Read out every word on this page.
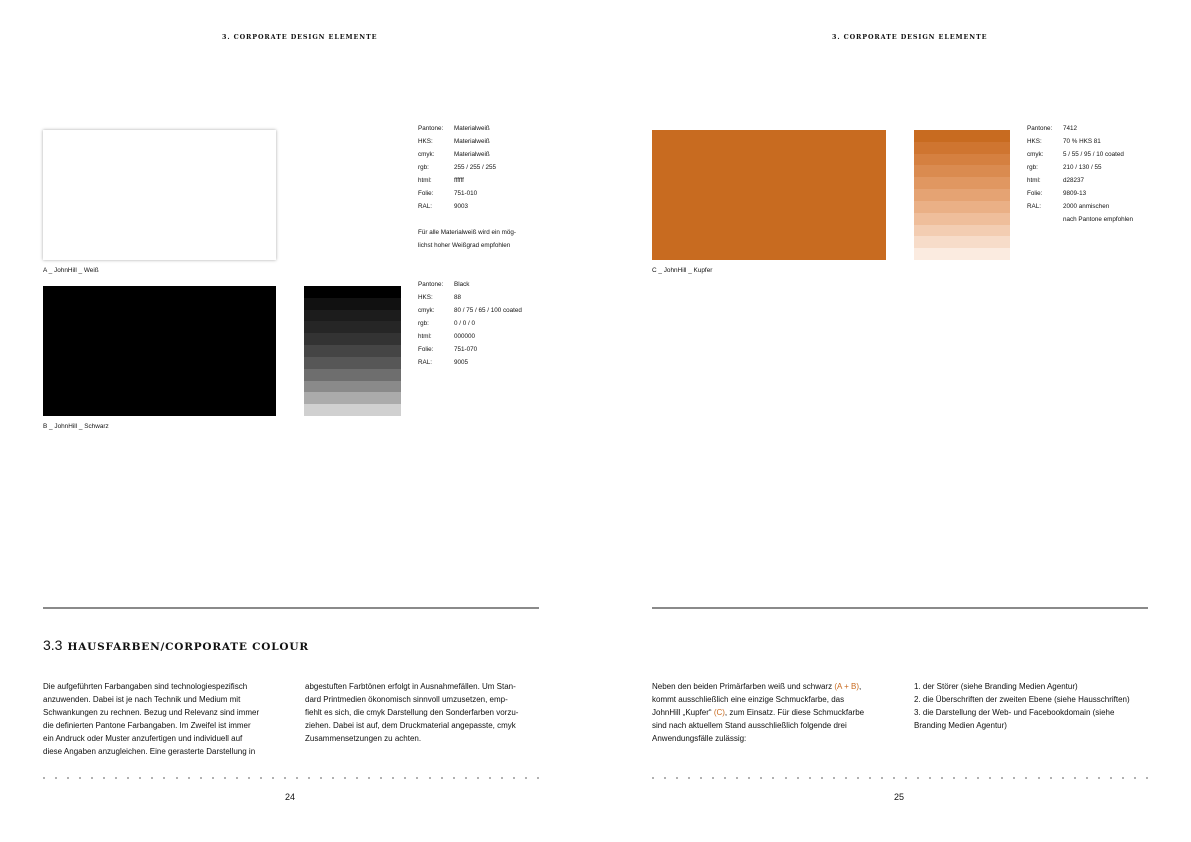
3. CORPORATE DESIGN ELEMENTE
A _ JohnHill _ Weiß
Pantone:	Materialweiß
HKS:	Materialweiß
cmyk:	Materialweiß
rgb:	255 / 255 / 255
html:	ffffff
Folie:	751-010
RAL:	9003
Für alle Materialweiß wird ein mög-
lichst hoher Weißgrad empfohlen
B _ JohnHill _ Schwarz
Pantone:	Black
HKS:	88
cmyk:	80 / 75 / 65 / 100 coated
rgb:	0 / 0 / 0
html:	000000
Folie:	751-070
RAL:	9005
3.3 HAUSFARBEN/CORPORATE COLOUR
Die aufgeführten Farbangaben sind technologiespezifisch
anzuwenden. Dabei ist je nach Technik und Medium mit
Schwankungen zu rechnen. Bezug und Relevanz sind immer
die definierten Pantone Farbangaben. Im Zweifel ist immer
ein Andruck oder Muster anzufertigen und individuell auf
diese Angaben anzugleichen. Eine gerasterte Darstellung in
abgestuften Farbtönen erfolgt in Ausnahmefällen. Um Stan-
dard Printmedien ökonomisch sinnvoll umzusetzen, emp-
fiehlt es sich, die cmyk Darstellung den Sonderfarben vorzu-
ziehen. Dabei ist auf, dem Druckmaterial angepasste, cmyk
Zusammensetzungen zu achten.
24
3. CORPORATE DESIGN ELEMENTE
C _ JohnHill _ Kupfer
Pantone:	7412
HKS:	70 % HKS 81
cmyk:	5 / 55 / 95 / 10 coated
rgb:	210 / 130 / 55
html:	d28237
Folie:	9809-13
RAL:	2000 anmischen
nach Pantone empfohlen
Neben den beiden Primärfarben weiß und schwarz (A + B),
kommt ausschließlich eine einzige Schmuckfarbe, das
JohnHill „Kupfer“ (C), zum Einsatz. Für diese Schmuckfarbe
sind nach aktuellem Stand ausschließlich folgende drei
Anwendungsfälle zulässig:
1. der Störer (siehe Branding Medien Agentur)
2. die Überschriften der zweiten Ebene (siehe Hausschriften)
3. die Darstellung der Web- und Facebookdomain (siehe
Branding Medien Agentur)
25
